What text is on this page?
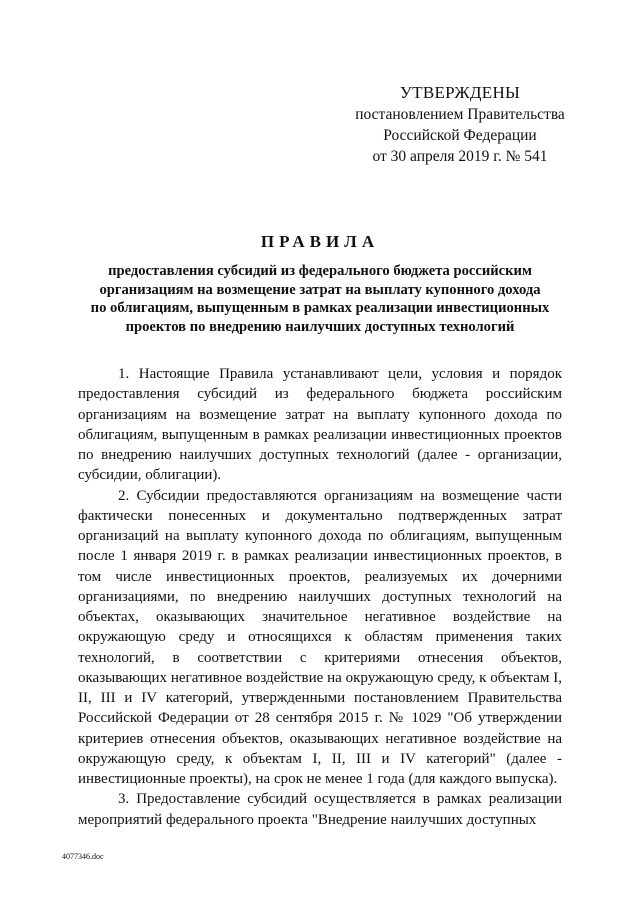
УТВЕРЖДЕНЫ
постановлением Правительства
Российской Федерации
от 30 апреля 2019 г. № 541
ПРАВИЛА
предоставления субсидий из федерального бюджета российским
организациям на возмещение затрат на выплату купонного дохода
по облигациям, выпущенным в рамках реализации инвестиционных
проектов по внедрению наилучших доступных технологий

1. Настоящие Правила устанавливают цели, условия и порядок предоставления субсидий из федерального бюджета российским организациям на возмещение затрат на выплату купонного дохода по облигациям, выпущенным в рамках реализации инвестиционных проектов по внедрению наилучших доступных технологий (далее - организации, субсидии, облигации).

2. Субсидии предоставляются организациям на возмещение части фактически понесенных и документально подтвержденных затрат организаций на выплату купонного дохода по облигациям, выпущенным после 1 января 2019 г. в рамках реализации инвестиционных проектов, в том числе инвестиционных проектов, реализуемых их дочерними организациями, по внедрению наилучших доступных технологий на объектах, оказывающих значительное негативное воздействие на окружающую среду и относящихся к областям применения таких технологий, в соответствии с критериями отнесения объектов, оказывающих негативное воздействие на окружающую среду, к объектам I, II, III и IV категорий, утвержденными постановлением Правительства Российской Федерации от 28 сентября 2015 г. № 1029 "Об утверждении критериев отнесения объектов, оказывающих негативное воздействие на окружающую среду, к объектам I, II, III и IV категорий" (далее - инвестиционные проекты), на срок не менее 1 года (для каждого выпуска).

3. Предоставление субсидий осуществляется в рамках реализации мероприятий федерального проекта "Внедрение наилучших доступных

4077346.doc
